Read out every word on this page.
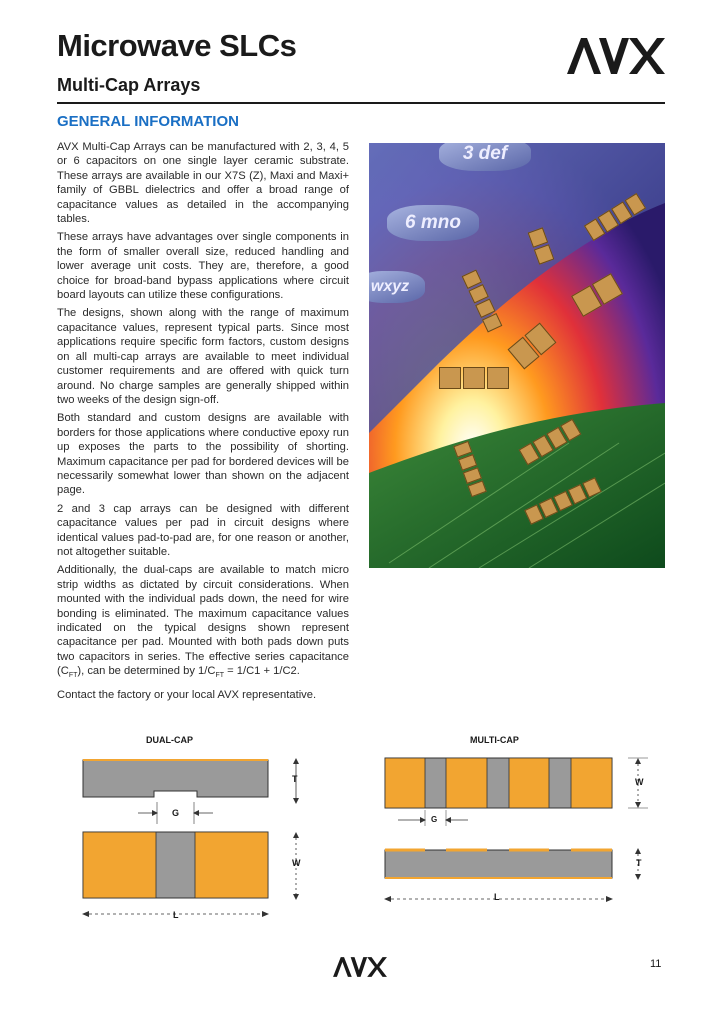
Microwave SLCs
Multi-Cap Arrays
AVX
GENERAL INFORMATION

AVX Multi-Cap Arrays can be manufactured with 2, 3, 4, 5 or 6 capacitors on one single layer ceramic substrate. These arrays are available in our X7S (Z), Maxi and Maxi+ family of GBBL dielectrics and offer a broad range of capacitance values as detailed in the accompanying tables.

These arrays have advantages over single components in the form of smaller overall size, reduced handling and lower average unit costs. They are, therefore, a good choice for broad-band bypass applications where circuit board layouts can utilize these configurations.

The designs, shown along with the range of maximum capacitance values, represent typical parts. Since most applications require specific form factors, custom designs on all multi-cap arrays are available to meet individual customer requirements and are offered with quick turn around. No charge samples are generally shipped within two weeks of the design sign-off.

Both standard and custom designs are available with borders for those applications where conductive epoxy run up exposes the parts to the possibility of shorting. Maximum capacitance per pad for bordered devices will be necessarily somewhat lower than shown on the adjacent page.

2 and 3 cap arrays can be designed with different capacitance values per pad in circuit designs where identical values pad-to-pad are, for one reason or another, not altogether suitable.

Additionally, the dual-caps are available to match micro strip widths as dictated by circuit considerations. When mounted with the individual pads down, the need for wire bonding is eliminated. The maximum capacitance values indicated on the typical designs shown represent capacitance per pad. Mounted with both pads down puts two capacitors in series. The effective series capacitance $(C_{FT})$, can be determined by $1/C_{FT} = 1/C1 + 1/C2$.

Contact the factory or your local AVX representative.

3 def
6 mno
wxyz
DUAL-CAP
T
G
W
L
MULTI-CAP
W
G
T
L
11
